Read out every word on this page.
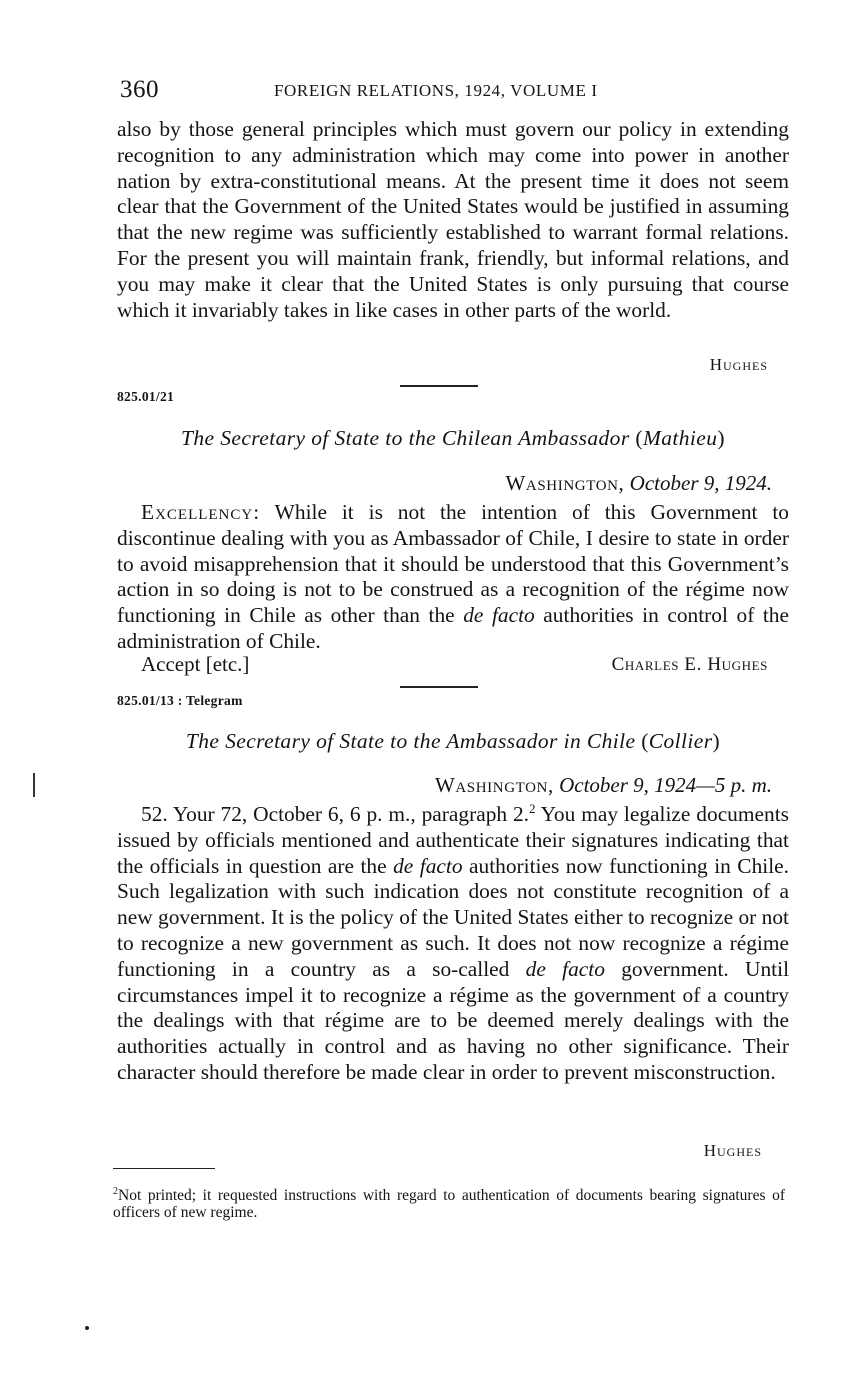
360	FOREIGN RELATIONS, 1924, VOLUME I

also by those general principles which must govern our policy in extending recognition to any administration which may come into power in another nation by extra-constitutional means. At the present time it does not seem clear that the Government of the United States would be justified in assuming that the new regime was sufficiently established to warrant formal relations. For the present you will maintain frank, friendly, but informal relations, and you may make it clear that the United States is only pursuing that course which it invariably takes in like cases in other parts of the world.

Hughes
825.01/21
The Secretary of State to the Chilean Ambassador (Mathieu)
Washington, October 9, 1924.

Excellency: While it is not the intention of this Government to discontinue dealing with you as Ambassador of Chile, I desire to state in order to avoid misapprehension that it should be understood that this Government’s action in so doing is not to be construed as a recognition of the régime now functioning in Chile as other than the de facto authorities in control of the administration of Chile.

Accept [etc.]	Charles E. Hughes
825.01/13 : Telegram
The Secretary of State to the Ambassador in Chile (Collier)
Washington, October 9, 1924—5 p. m.

52. Your 72, October 6, 6 p. m., paragraph 2.$^2$ You may legalize documents issued by officials mentioned and authenticate their signatures indicating that the officials in question are the de facto authorities now functioning in Chile. Such legalization with such indication does not constitute recognition of a new government. It is the policy of the United States either to recognize or not to recognize a new government as such. It does not now recognize a régime functioning in a country as a so-called de facto government. Until circumstances impel it to recognize a régime as the government of a country the dealings with that régime are to be deemed merely dealings with the authorities actually in control and as having no other significance. Their character should therefore be made clear in order to prevent misconstruction.

Hughes
$^2$Not printed; it requested instructions with regard to authentication of documents bearing signatures of officers of new regime.
